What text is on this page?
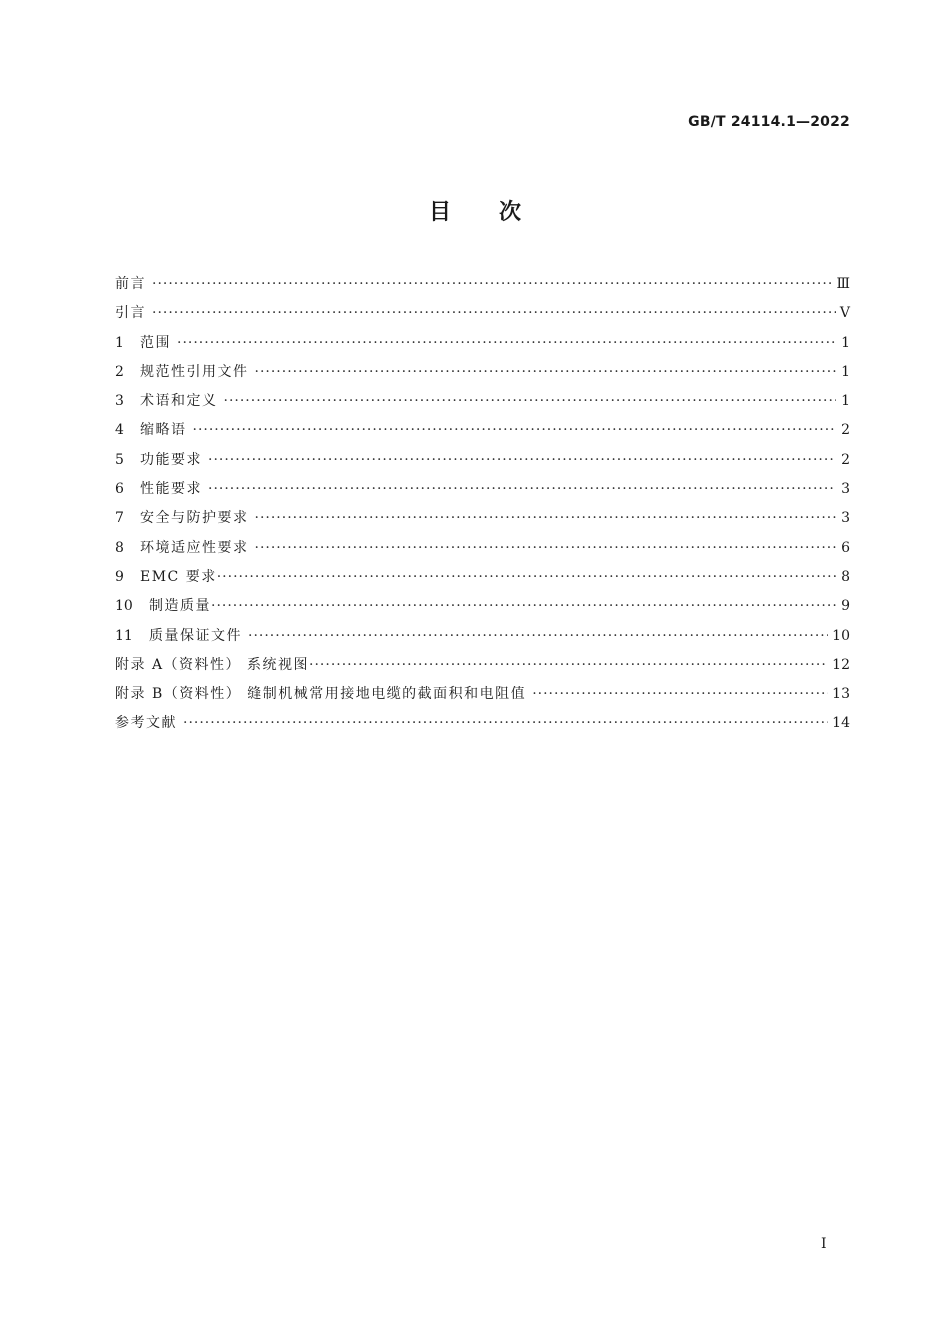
GB/T 24114.1—2022
目次
前言 ·····	Ⅲ
引言 ·····	Ⅴ
1	范围 ·····	1
2	规范性引用文件 ·····	1
3	术语和定义 ·····	1
4	缩略语 ·····	2
5	功能要求 ·····	2
6	性能要求 ·····	3
7	安全与防护要求 ·····	3
8	环境适应性要求 ·····	6
9	EMC 要求 ·····	8
10	制造质量 ·····	9
11	质量保证文件 ·····	10
附录 A（资料性） 系统视图 ·····	12
附录 B（资料性） 缝制机械常用接地电缆的截面积和电阻值 ·····	13
参考文献 ·····	14
Ⅰ
